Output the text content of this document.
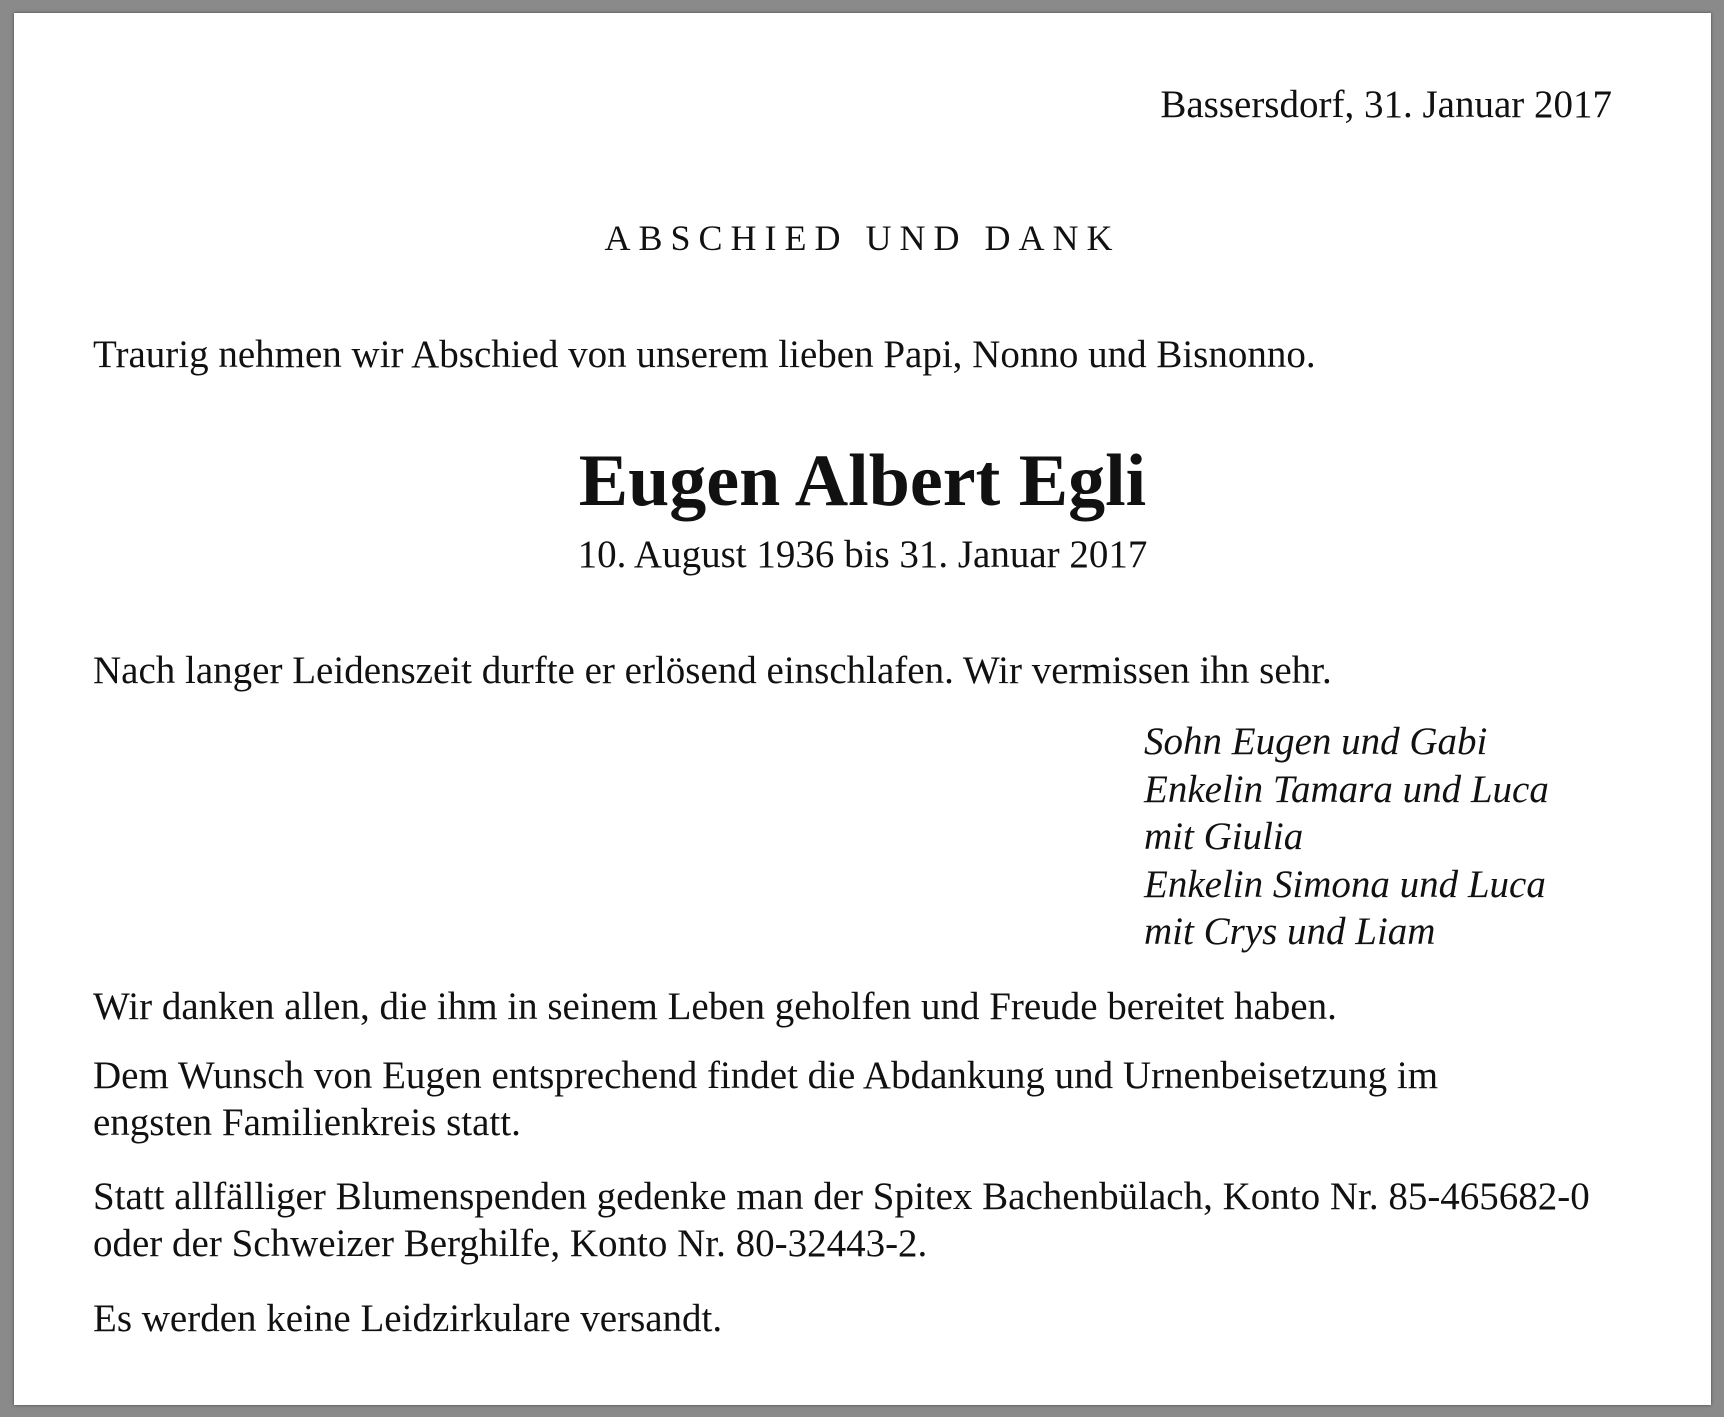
Bassersdorf, 31. Januar 2017
ABSCHIED UND DANK
Traurig nehmen wir Abschied von unserem lieben Papi, Nonno und Bisnonno.
Eugen Albert Egli
10. August 1936 bis 31. Januar 2017
Nach langer Leidenszeit durfte er erlösend einschlafen. Wir vermissen ihn sehr.
Sohn Eugen und Gabi
Enkelin Tamara und Luca
mit Giulia
Enkelin Simona und Luca
mit Crys und Liam
Wir danken allen, die ihm in seinem Leben geholfen und Freude bereitet haben.
Dem Wunsch von Eugen entsprechend findet die Abdankung und Urnenbeisetzung im
engsten Familienkreis statt.
Statt allfälliger Blumenspenden gedenke man der Spitex Bachenbülach, Konto Nr. 85-465682-0
oder der Schweizer Berghilfe, Konto Nr. 80-32443-2.
Es werden keine Leidzirkulare versandt.
